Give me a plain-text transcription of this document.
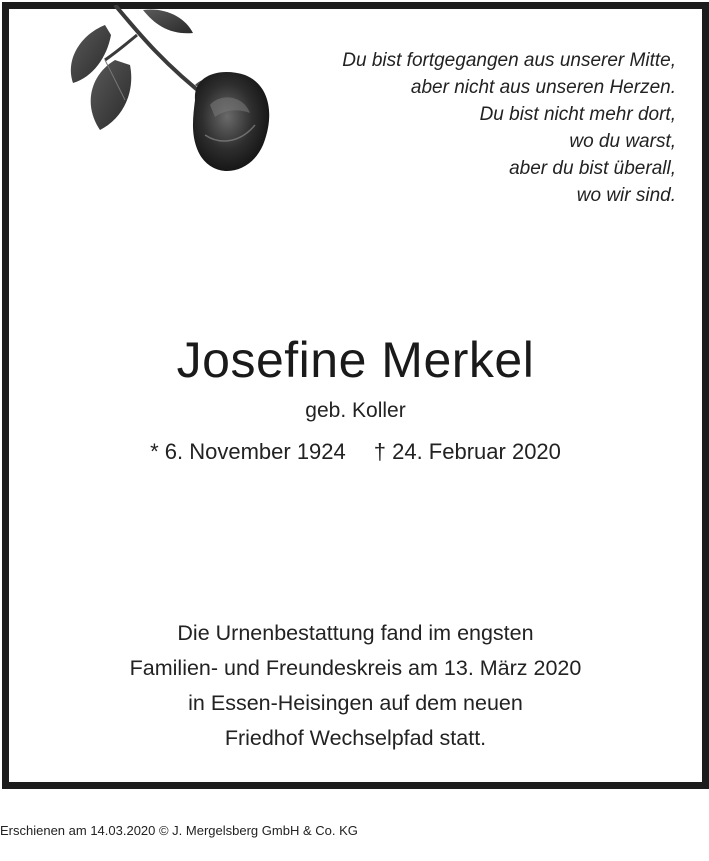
Du bist fortgegangen aus unserer Mitte,
aber nicht aus unseren Herzen.
Du bist nicht mehr dort,
wo du warst,
aber du bist überall,
wo wir sind.
Josefine Merkel
geb. Koller
* 6. November 1924 † 24. Februar 2020
Die Urnenbestattung fand im engsten
Familien- und Freundeskreis am 13. März 2020
in Essen-Heisingen auf dem neuen
Friedhof Wechselpfad statt.
Erschienen am 14.03.2020 © J. Mergelsberg GmbH & Co. KG
